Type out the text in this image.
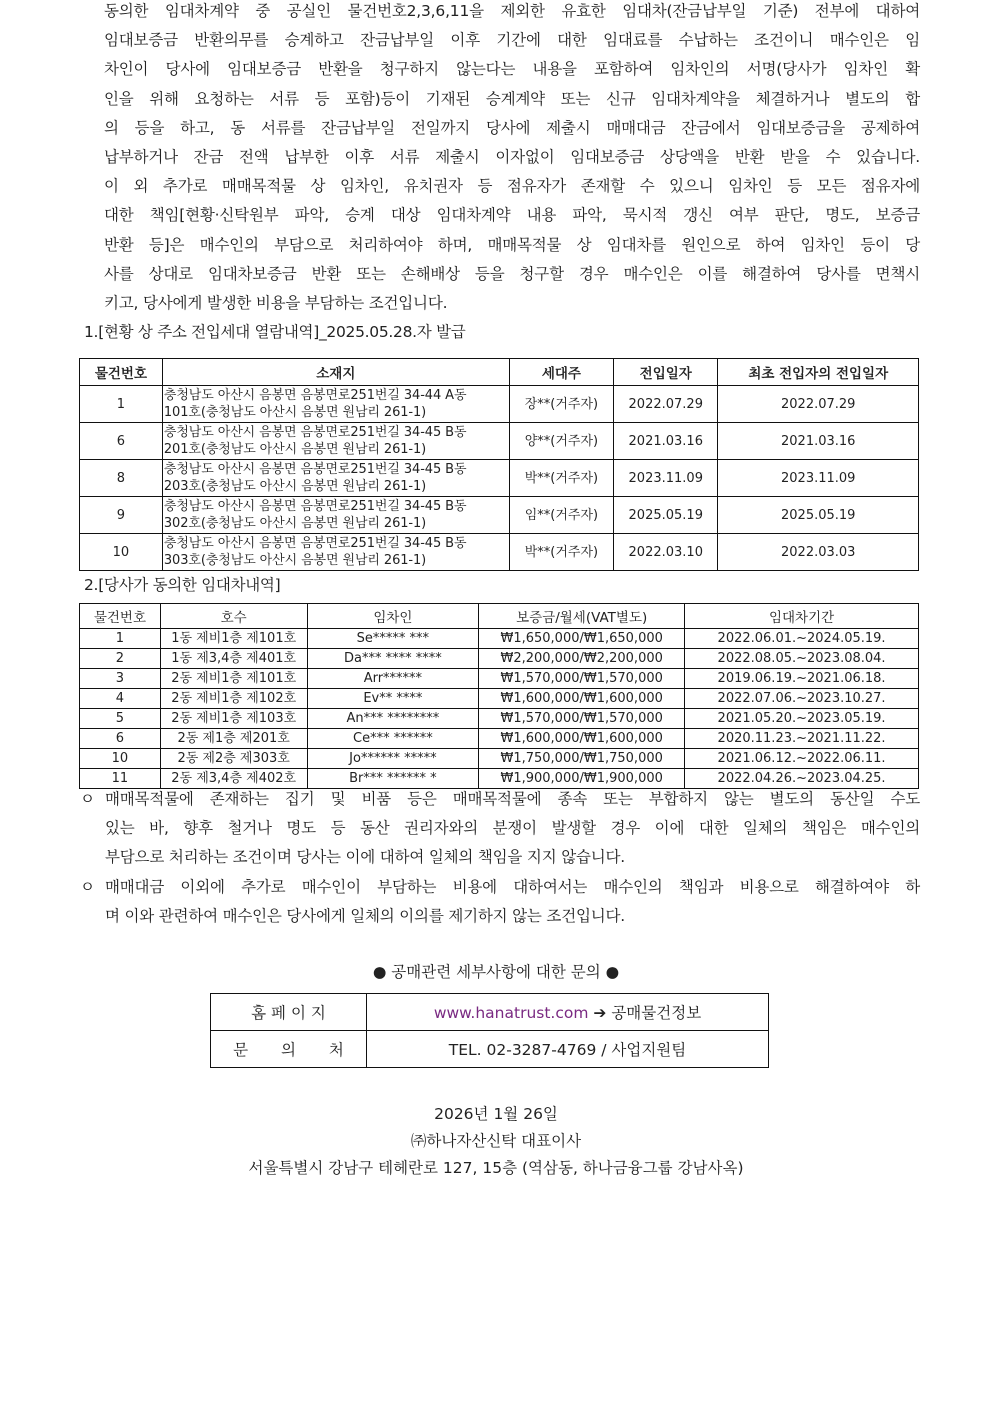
동의한 임대차계약 중 공실인 물건번호2,3,6,11을 제외한 유효한 임대차(잔금납부일 기준) 전부에 대하여
임대보증금 반환의무를 승계하고 잔금납부일 이후 기간에 대한 임대료를 수납하는 조건이니 매수인은 임
차인이 당사에 임대보증금 반환을 청구하지 않는다는 내용을 포함하여 임차인의 서명(당사가 임차인 확
인을 위해 요청하는 서류 등 포함)등이 기재된 승계계약 또는 신규 임대차계약을 체결하거나 별도의 합
의 등을 하고, 동 서류를 잔금납부일 전일까지 당사에 제출시 매매대금 잔금에서 임대보증금을 공제하여
납부하거나 잔금 전액 납부한 이후 서류 제출시 이자없이 임대보증금 상당액을 반환 받을 수 있습니다.
이 외 추가로 매매목적물 상 임차인, 유치권자 등 점유자가 존재할 수 있으니 임차인 등 모든 점유자에
대한 책임[현황·신탁원부 파악, 승계 대상 임대차계약 내용 파악, 묵시적 갱신 여부 판단, 명도, 보증금
반환 등]은 매수인의 부담으로 처리하여야 하며, 매매목적물 상 임대차를 원인으로 하여 임차인 등이 당
사를 상대로 임대차보증금 반환 또는 손해배상 등을 청구할 경우 매수인은 이를 해결하여 당사를 면책시
키고, 당사에게 발생한 비용을 부담하는 조건입니다.
1.[현황 상 주소 전입세대 열람내역]_2025.05.28.자 발급
물건번호	소재지	세대주	전입일자	최초 전입자의 전입일자
1	충청남도 아산시 음봉면 음봉면로251번길 34-44 A동
101호(충청남도 아산시 음봉면 원남리 261-1)	장**(거주자)	2022.07.29	2022.07.29
6	충청남도 아산시 음봉면 음봉면로251번길 34-45 B동
201호(충청남도 아산시 음봉면 원남리 261-1)	양**(거주자)	2021.03.16	2021.03.16
8	충청남도 아산시 음봉면 음봉면로251번길 34-45 B동
203호(충청남도 아산시 음봉면 원남리 261-1)	박**(거주자)	2023.11.09	2023.11.09
9	충청남도 아산시 음봉면 음봉면로251번길 34-45 B동
302호(충청남도 아산시 음봉면 원남리 261-1)	임**(거주자)	2025.05.19	2025.05.19
10	충청남도 아산시 음봉면 음봉면로251번길 34-45 B동
303호(충청남도 아산시 음봉면 원남리 261-1)	박**(거주자)	2022.03.10	2022.03.03
2.[당사가 동의한 임대차내역]
물건번호	호수	임차인	보증금/월세(VAT별도)	임대차기간
1	1동 제비1층 제101호	Se***** ***	₩1,650,000/₩1,650,000	2022.06.01.~2024.05.19.
2	1동 제3,4층 제401호	Da*** **** ****	₩2,200,000/₩2,200,000	2022.08.05.~2023.08.04.
3	2동 제비1층 제101호	Arr******	₩1,570,000/₩1,570,000	2019.06.19.~2021.06.18.
4	2동 제비1층 제102호	Ev** ****	₩1,600,000/₩1,600,000	2022.07.06.~2023.10.27.
5	2동 제비1층 제103호	An*** ********	₩1,570,000/₩1,570,000	2021.05.20.~2023.05.19.
6	2동 제1층 제201호	Ce*** ******	₩1,600,000/₩1,600,000	2020.11.23.~2021.11.22.
10	2동 제2층 제303호	Jo****** *****	₩1,750,000/₩1,750,000	2021.06.12.~2022.06.11.
11	2동 제3,4층 제402호	Br*** ****** *	₩1,900,000/₩1,900,000	2022.04.26.~2023.04.25.
ㅇ 매매목적물에 존재하는 집기 및 비품 등은 매매목적물에 종속 또는 부합하지 않는 별도의 동산일 수도
있는 바, 향후 철거나 명도 등 동산 권리자와의 분쟁이 발생할 경우 이에 대한 일체의 책임은 매수인의
부담으로 처리하는 조건이며 당사는 이에 대하여 일체의 책임을 지지 않습니다.
ㅇ 매매대금 이외에 추가로 매수인이 부담하는 비용에 대하여서는 매수인의 책임과 비용으로 해결하여야 하
며 이와 관련하여 매수인은 당사에게 일체의 이의를 제기하지 않는 조건입니다.
● 공매관련 세부사항에 대한 문의 ●
홈 페 이 지	www.hanatrust.com ➔ 공매물건정보
문 의 처	TEL. 02-3287-4769 / 사업지원팀
2026년 1월 26일
㈜하나자산신탁 대표이사
서울특별시 강남구 테헤란로 127, 15층 (역삼동, 하나금융그룹 강남사옥)
